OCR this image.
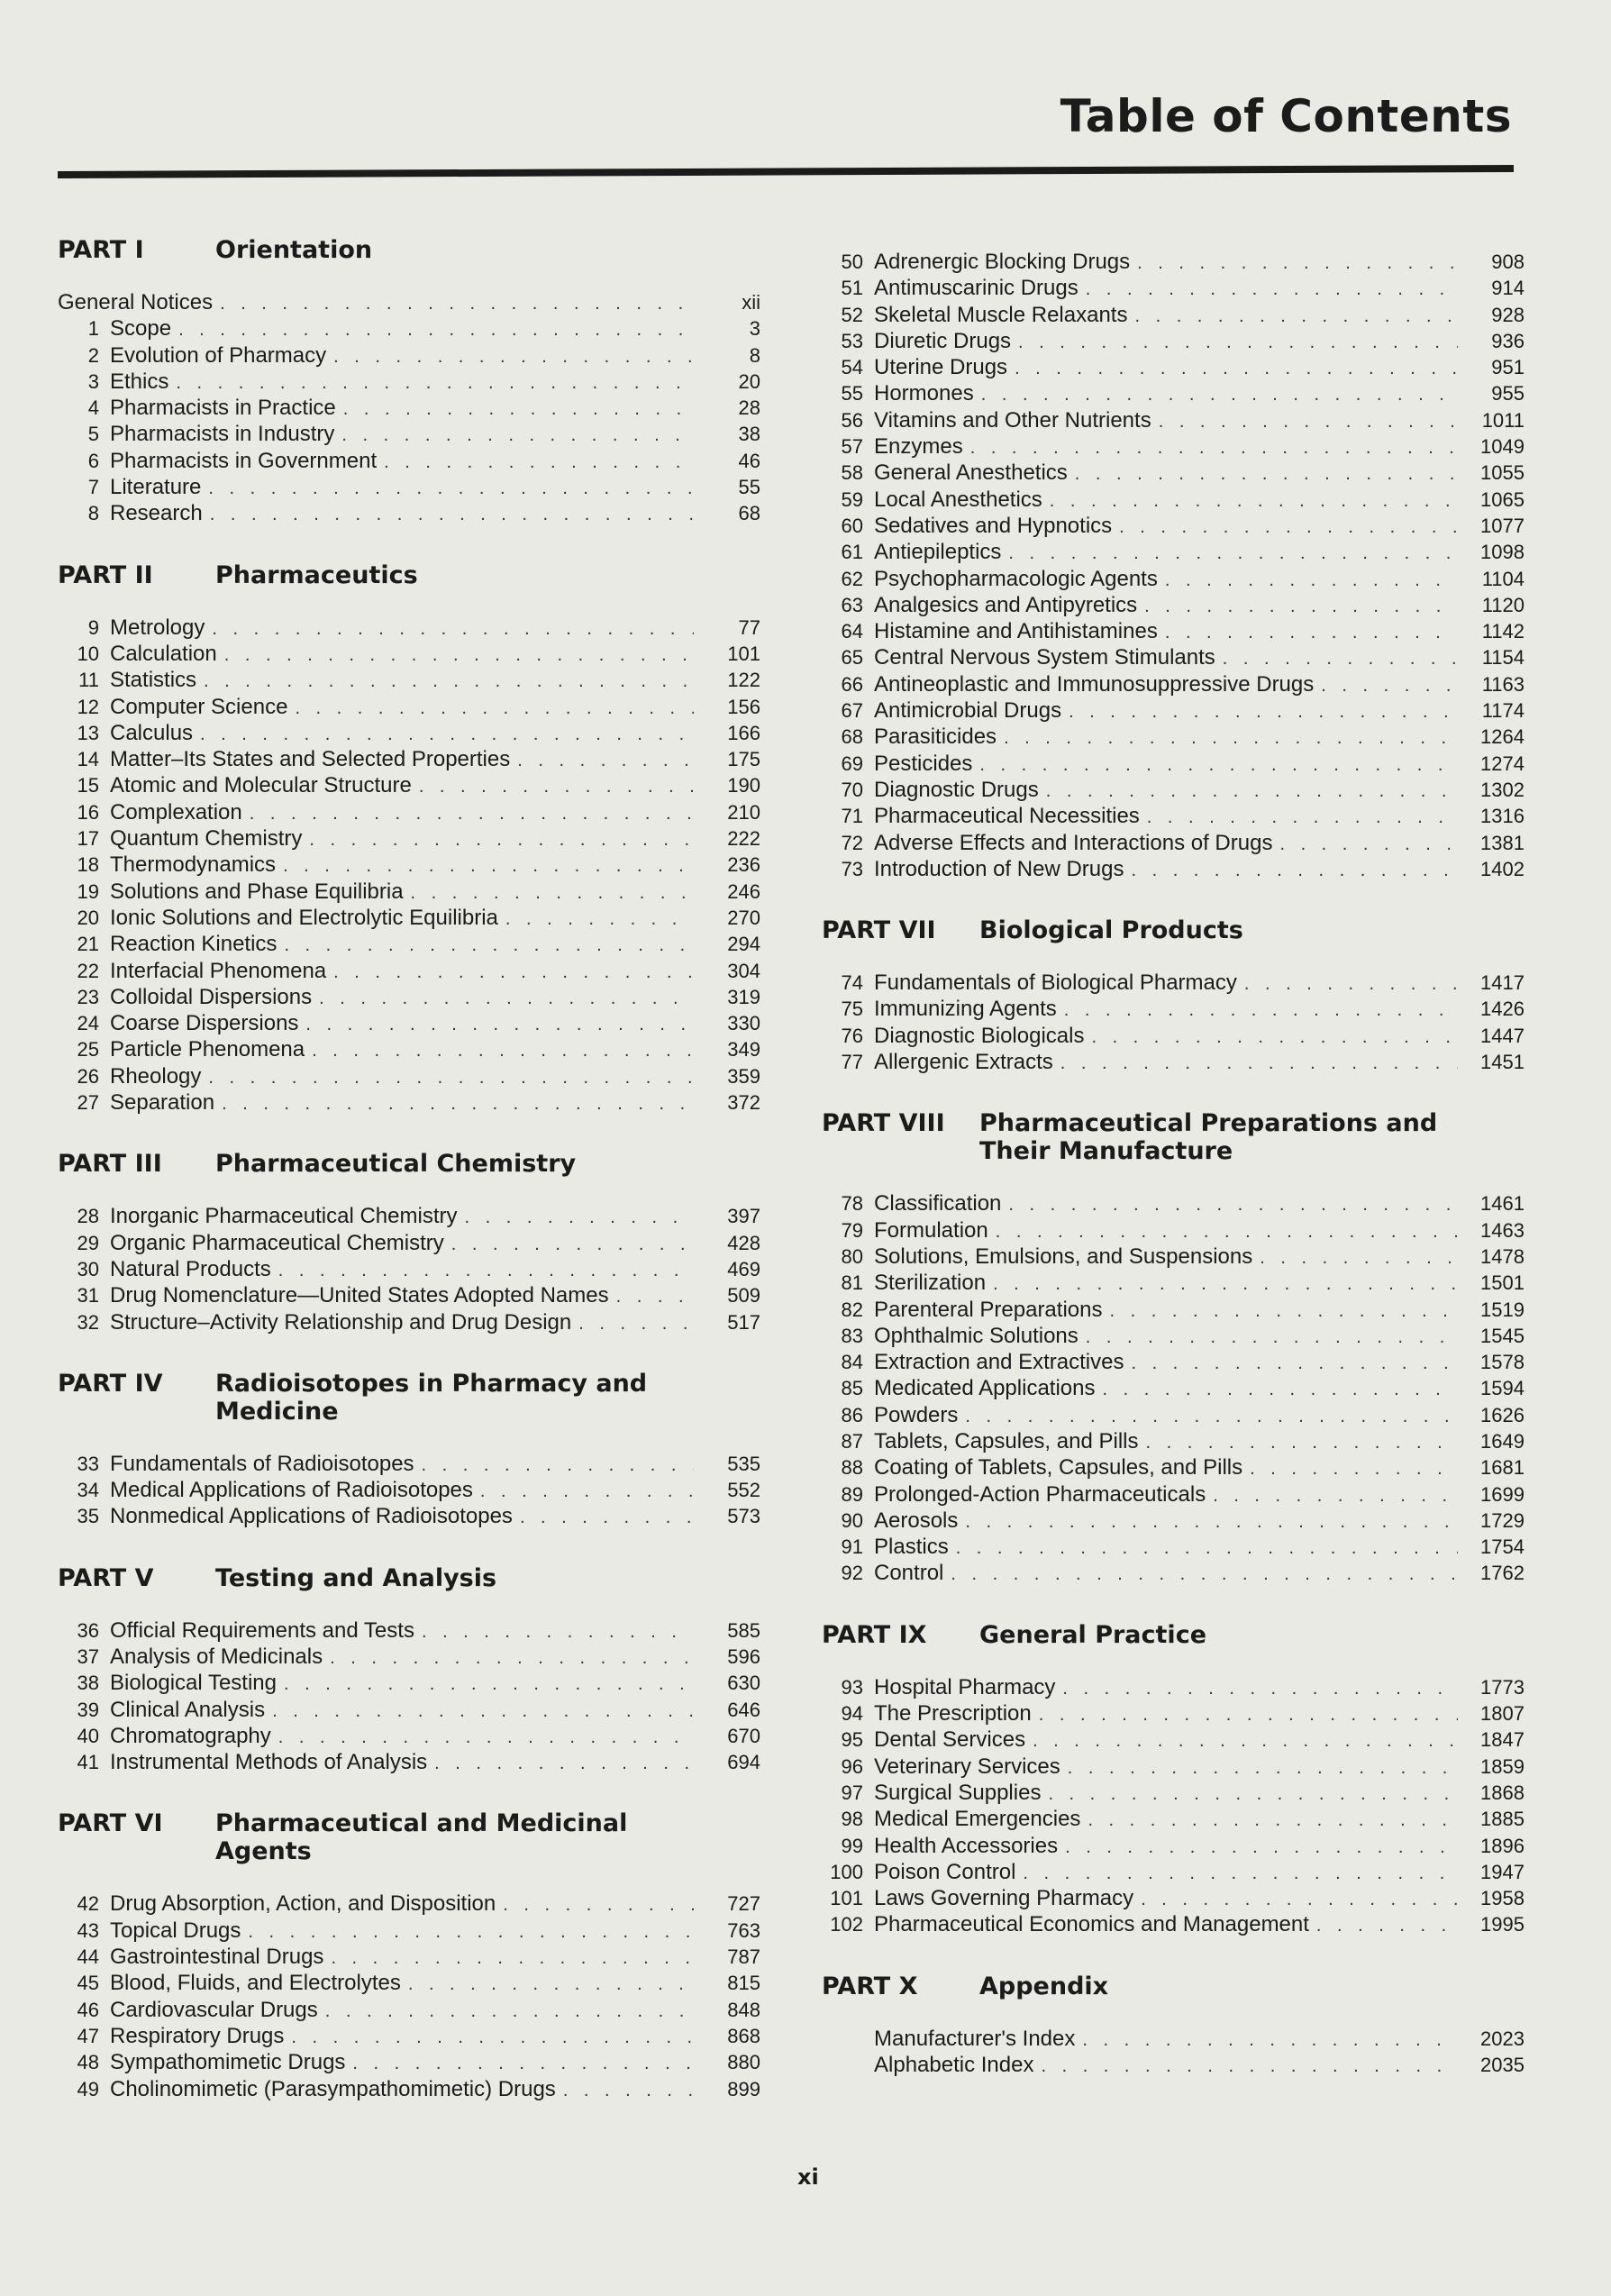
Table of Contents
PART I	Orientation
General Notices . . .	xii
1 Scope . . .	3
2 Evolution of Pharmacy . . .	8
3 Ethics . . .	20
4 Pharmacists in Practice . . .	28
5 Pharmacists in Industry . . .	38
6 Pharmacists in Government . . .	46
7 Literature . . .	55
8 Research . . .	68
PART II	Pharmaceutics
9 Metrology . . .	77
10 Calculation . . .	101
11 Statistics . . .	122
12 Computer Science . . .	156
13 Calculus . . .	166
14 Matter–Its States and Selected Properties . . .	175
15 Atomic and Molecular Structure . . .	190
16 Complexation . . .	210
17 Quantum Chemistry . . .	222
18 Thermodynamics . . .	236
19 Solutions and Phase Equilibria . . .	246
20 Ionic Solutions and Electrolytic Equilibria . . .	270
21 Reaction Kinetics . . .	294
22 Interfacial Phenomena . . .	304
23 Colloidal Dispersions . . .	319
24 Coarse Dispersions . . .	330
25 Particle Phenomena . . .	349
26 Rheology . . .	359
27 Separation . . .	372
PART III	Pharmaceutical Chemistry
28 Inorganic Pharmaceutical Chemistry . . .	397
29 Organic Pharmaceutical Chemistry . . .	428
30 Natural Products . . .	469
31 Drug Nomenclature—United States Adopted Names . . .	509
32 Structure–Activity Relationship and Drug Design . . .	517
PART IV	Radioisotopes in Pharmacy and Medicine
33 Fundamentals of Radioisotopes . . .	535
34 Medical Applications of Radioisotopes . . .	552
35 Nonmedical Applications of Radioisotopes . . .	573
PART V	Testing and Analysis
36 Official Requirements and Tests . . .	585
37 Analysis of Medicinals . . .	596
38 Biological Testing . . .	630
39 Clinical Analysis . . .	646
40 Chromatography . . .	670
41 Instrumental Methods of Analysis . . .	694
PART VI	Pharmaceutical and Medicinal Agents
42 Drug Absorption, Action, and Disposition . . .	727
43 Topical Drugs . . .	763
44 Gastrointestinal Drugs . . .	787
45 Blood, Fluids, and Electrolytes . . .	815
46 Cardiovascular Drugs . . .	848
47 Respiratory Drugs . . .	868
48 Sympathomimetic Drugs . . .	880
49 Cholinomimetic (Parasympathomimetic) Drugs . . .	899
50 Adrenergic Blocking Drugs . . .	908
51 Antimuscarinic Drugs . . .	914
52 Skeletal Muscle Relaxants . . .	928
53 Diuretic Drugs . . .	936
54 Uterine Drugs . . .	951
55 Hormones . . .	955
56 Vitamins and Other Nutrients . . .	1011
57 Enzymes . . .	1049
58 General Anesthetics . . .	1055
59 Local Anesthetics . . .	1065
60 Sedatives and Hypnotics . . .	1077
61 Antiepileptics . . .	1098
62 Psychopharmacologic Agents . . .	1104
63 Analgesics and Antipyretics . . .	1120
64 Histamine and Antihistamines . . .	1142
65 Central Nervous System Stimulants . . .	1154
66 Antineoplastic and Immunosuppressive Drugs . . .	1163
67 Antimicrobial Drugs . . .	1174
68 Parasiticides . . .	1264
69 Pesticides . . .	1274
70 Diagnostic Drugs . . .	1302
71 Pharmaceutical Necessities . . .	1316
72 Adverse Effects and Interactions of Drugs . . .	1381
73 Introduction of New Drugs . . .	1402
PART VII	Biological Products
74 Fundamentals of Biological Pharmacy . . .	1417
75 Immunizing Agents . . .	1426
76 Diagnostic Biologicals . . .	1447
77 Allergenic Extracts . . .	1451
PART VIII	Pharmaceutical Preparations and Their Manufacture
78 Classification . . .	1461
79 Formulation . . .	1463
80 Solutions, Emulsions, and Suspensions . . .	1478
81 Sterilization . . .	1501
82 Parenteral Preparations . . .	1519
83 Ophthalmic Solutions . . .	1545
84 Extraction and Extractives . . .	1578
85 Medicated Applications . . .	1594
86 Powders . . .	1626
87 Tablets, Capsules, and Pills . . .	1649
88 Coating of Tablets, Capsules, and Pills . . .	1681
89 Prolonged-Action Pharmaceuticals . . .	1699
90 Aerosols . . .	1729
91 Plastics . . .	1754
92 Control . . .	1762
PART IX	General Practice
93 Hospital Pharmacy . . .	1773
94 The Prescription . . .	1807
95 Dental Services . . .	1847
96 Veterinary Services . . .	1859
97 Surgical Supplies . . .	1868
98 Medical Emergencies . . .	1885
99 Health Accessories . . .	1896
100 Poison Control . . .	1947
101 Laws Governing Pharmacy . . .	1958
102 Pharmaceutical Economics and Management . . .	1995
PART X	Appendix
Manufacturer's Index . . .	2023
Alphabetic Index . . .	2035
xi
